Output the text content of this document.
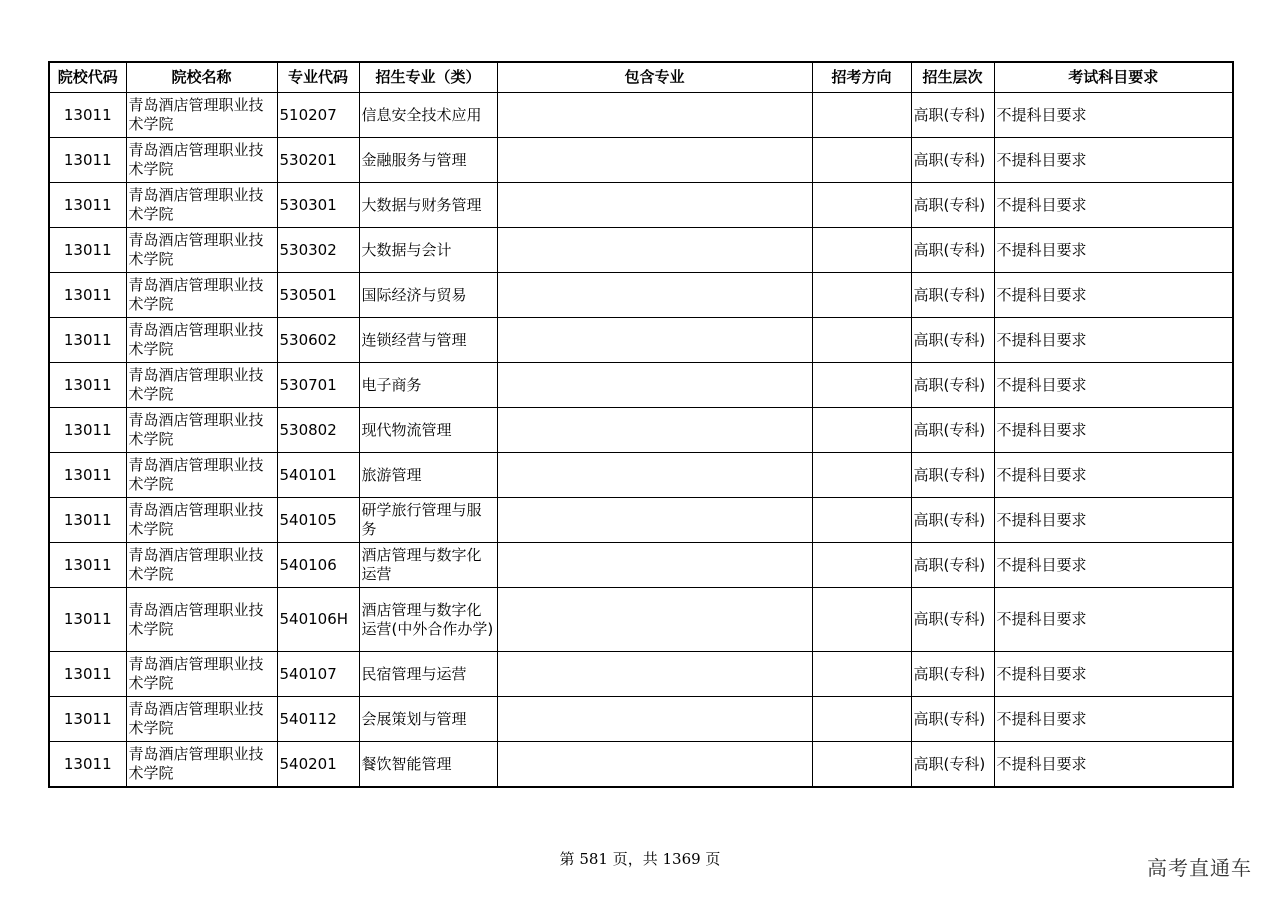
院校代码	院校名称	专业代码	招生专业（类）	包含专业	招考方向	招生层次	考试科目要求
13011	青岛酒店管理职业技术学院	510207	信息安全技术应用			高职(专科)	不提科目要求
13011	青岛酒店管理职业技术学院	530201	金融服务与管理			高职(专科)	不提科目要求
13011	青岛酒店管理职业技术学院	530301	大数据与财务管理			高职(专科)	不提科目要求
13011	青岛酒店管理职业技术学院	530302	大数据与会计			高职(专科)	不提科目要求
13011	青岛酒店管理职业技术学院	530501	国际经济与贸易			高职(专科)	不提科目要求
13011	青岛酒店管理职业技术学院	530602	连锁经营与管理			高职(专科)	不提科目要求
13011	青岛酒店管理职业技术学院	530701	电子商务			高职(专科)	不提科目要求
13011	青岛酒店管理职业技术学院	530802	现代物流管理			高职(专科)	不提科目要求
13011	青岛酒店管理职业技术学院	540101	旅游管理			高职(专科)	不提科目要求
13011	青岛酒店管理职业技术学院	540105	研学旅行管理与服务			高职(专科)	不提科目要求
13011	青岛酒店管理职业技术学院	540106	酒店管理与数字化运营			高职(专科)	不提科目要求
13011	青岛酒店管理职业技术学院	540106H	酒店管理与数字化运营(中外合作办学)			高职(专科)	不提科目要求
13011	青岛酒店管理职业技术学院	540107	民宿管理与运营			高职(专科)	不提科目要求
13011	青岛酒店管理职业技术学院	540112	会展策划与管理			高职(专科)	不提科目要求
13011	青岛酒店管理职业技术学院	540201	餐饮智能管理			高职(专科)	不提科目要求
第 581 页，共 1369 页	高考直通车
